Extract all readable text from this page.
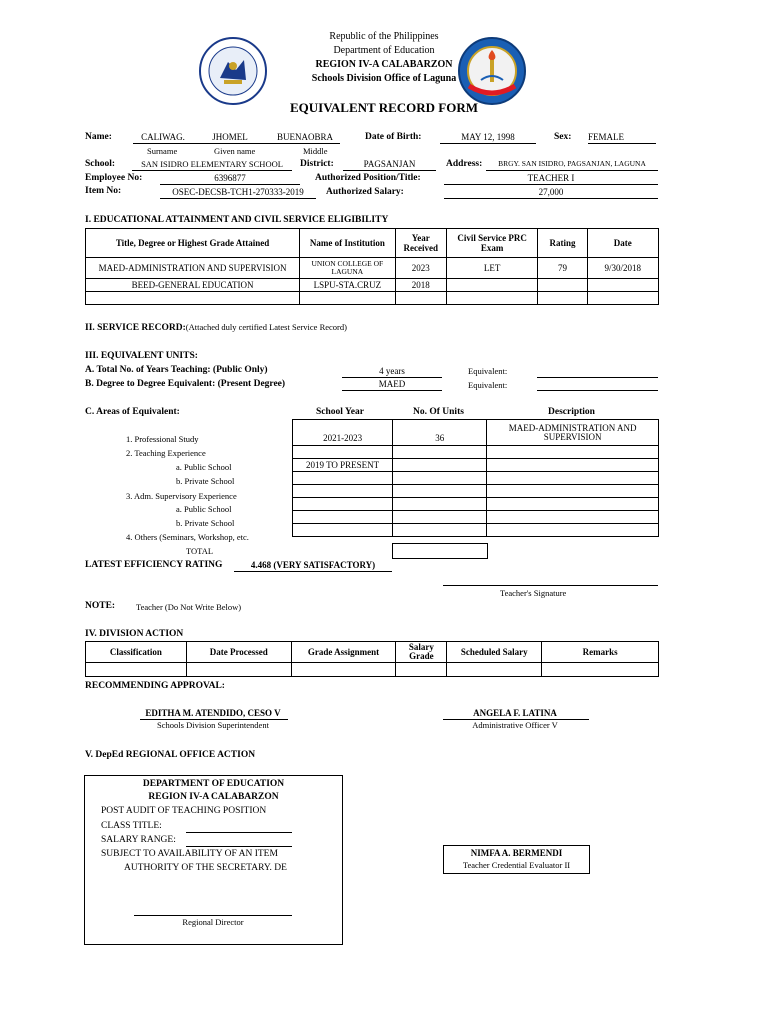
Republic of the Philippines
Department of Education
REGION IV-A CALABARZON
Schools Division Office of Laguna
EQUIVALENT RECORD FORM
Name:	CALIWAG.	JHOMEL	BUENAOBRA
Surname	Given name	Middle
Date of Birth:	MAY 12, 1998	Sex: FEMALE
School:	SAN ISIDRO ELEMENTARY SCHOOL	District:	PAGSANJAN	Address:	BRGY. SAN ISIDRO, PAGSANJAN, LAGUNA
Employee No:	6396877	Authorized Position/Title:	TEACHER I
Item No:	OSEC-DECSB-TCH1-270333-2019	Authorized Salary:	27,000
I. EDUCATIONAL ATTAINMENT AND CIVIL SERVICE ELIGIBILITY
Title, Degree or Highest Grade Attained	Name of Institution	Year Received	Civil Service PRC Exam	Rating	Date
MAED-ADMINISTRATION AND SUPERVISION	UNION COLLEGE OF LAGUNA	2023	LET	79	9/30/2018
BEED-GENERAL EDUCATION	LSPU-STA.CRUZ	2018			

II. SERVICE RECORD:(Attached duly certified Latest Service Record)
III. EQUIVALENT UNITS:
A. Total No. of Years Teaching: (Public Only)	4 years	Equivalent:
B. Degree to Degree Equivalent: (Present Degree)	MAED	Equivalent:
C. Areas of Equivalent:	School Year	No. Of Units	Description
1. Professional Study
2. Teaching Experience
a. Public School
b. Private School
3. Adm. Supervisory Experience
a. Public School
b. Private School
4. Others (Seminars, Workshop, etc.
TOTAL
2021-2023	36	MAED-ADMINISTRATION AND SUPERVISION

2019 TO PRESENT		

LATEST EFFICIENCY RATING	4.468 (VERY SATISFACTORY)
Teacher's Signature
NOTE: Teacher (Do Not Write Below)
IV. DIVISION ACTION
Classification	Date Processed	Grade Assignment	Salary Grade	Scheduled Salary	Remarks

RECOMMENDING APPROVAL:
EDITHA M. ATENDIDO, CESO V
Schools Division Superintendent
ANGELA F. LATINA
Administrative Officer V
V. DepEd REGIONAL OFFICE ACTION
DEPARTMENT OF EDUCATION
REGION IV-A CALABARZON
POST AUDIT OF TEACHING POSITION
CLASS TITLE:
SALARY RANGE:
SUBJECT TO AVAILABILITY OF AN ITEM
AUTHORITY OF THE SECRETARY. DE
Regional Director
NIMFA A. BERMENDI
Teacher Credential Evaluator II
